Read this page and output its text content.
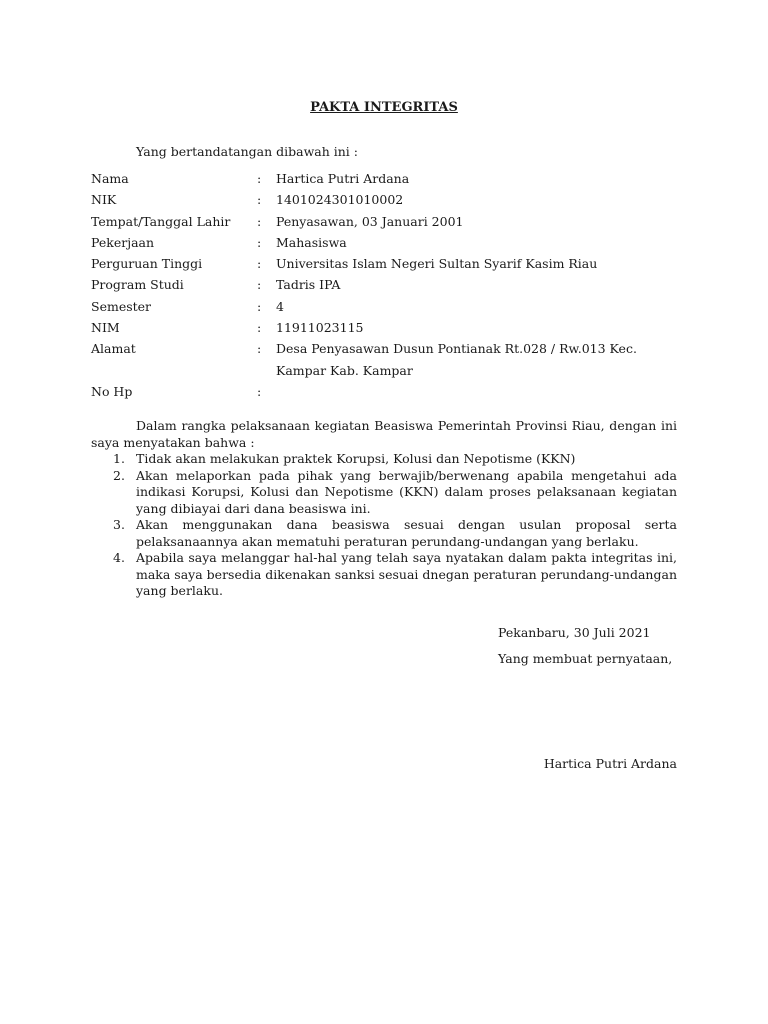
PAKTA INTEGRITAS
Yang bertandatangan dibawah ini :
Nama	: Hartica Putri Ardana
NIK	: 1401024301010002
Tempat/Tanggal Lahir : Penyasawan, 03 Januari 2001
Pekerjaan	: Mahasiswa
Perguruan Tinggi	: Universitas Islam Negeri Sultan Syarif Kasim Riau
Program Studi	: Tadris IPA
Semester	: 4
NIM	: 11911023115
Alamat	: Desa Penyasawan Dusun Pontianak Rt.028 / Rw.013 Kec. Kampar Kab. Kampar
No Hp	:
Dalam rangka pelaksanaan kegiatan Beasiswa Pemerintah Provinsi Riau, dengan ini saya menyatakan bahwa :
1. Tidak akan melakukan praktek Korupsi, Kolusi dan Nepotisme (KKN)
2. Akan melaporkan pada pihak yang berwajib/berwenang apabila mengetahui ada indikasi Korupsi, Kolusi dan Nepotisme (KKN) dalam proses pelaksanaan kegiatan yang dibiayai dari dana beasiswa ini.
3. Akan menggunakan dana beasiswa sesuai dengan usulan proposal serta pelaksanaannya akan mematuhi peraturan perundang-undangan yang berlaku.
4. Apabila saya melanggar hal-hal yang telah saya nyatakan dalam pakta integritas ini, maka saya bersedia dikenakan sanksi sesuai dnegan peraturan perundang-undangan yang berlaku.
Pekanbaru, 30 Juli 2021
Yang membuat pernyataan,
Hartica Putri Ardana
